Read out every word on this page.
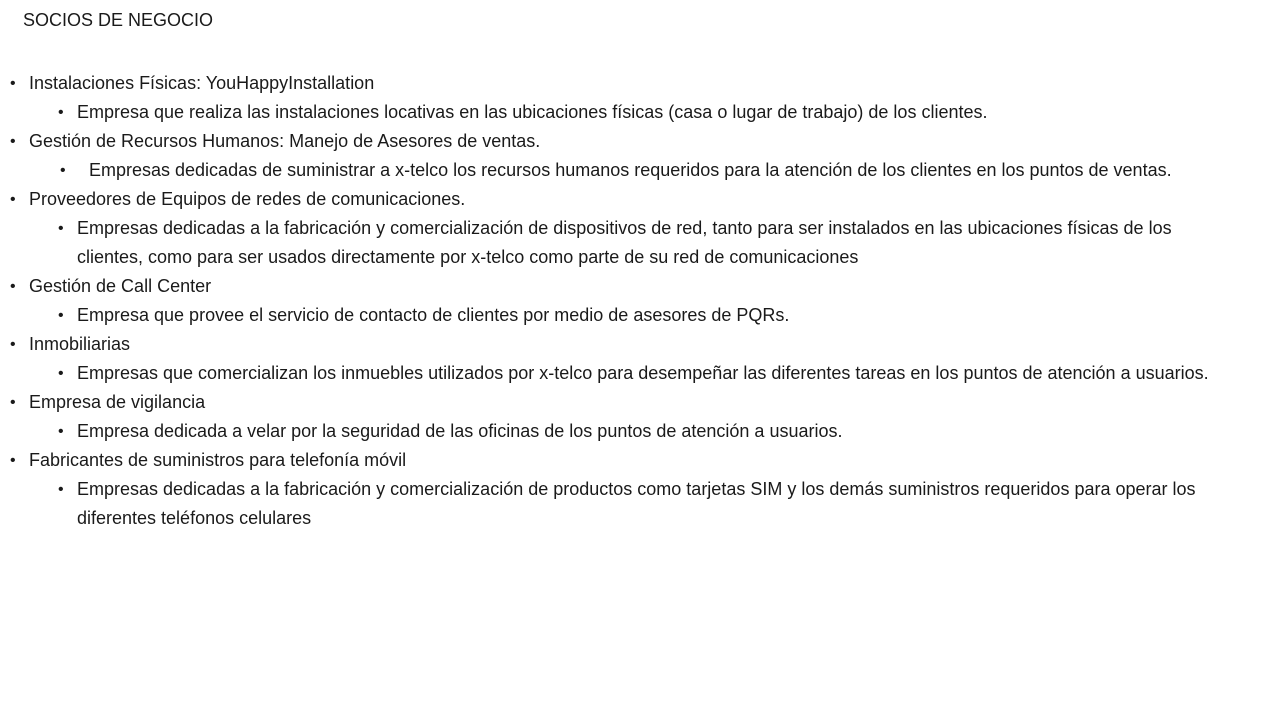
SOCIOS DE NEGOCIO
• Instalaciones Físicas: YouHappyInstallation
• Empresa que realiza las instalaciones locativas en las ubicaciones físicas (casa o lugar de trabajo) de los clientes.
• Gestión de Recursos Humanos: Manejo de Asesores de ventas.
• Empresas dedicadas de suministrar a x-telco los recursos humanos requeridos para la atención de los clientes en los puntos de ventas.
• Proveedores de Equipos de redes de comunicaciones.
• Empresas dedicadas a la fabricación y comercialización de dispositivos de red, tanto para ser instalados en las ubicaciones físicas de los clientes, como para ser usados directamente por x-telco como parte de su red de comunicaciones
• Gestión de Call Center
• Empresa que provee el servicio de contacto de clientes por medio de asesores de PQRs.
• Inmobiliarias
• Empresas que comercializan los inmuebles utilizados por x-telco para desempeñar las diferentes tareas en los puntos de atención a usuarios.
• Empresa de vigilancia
• Empresa dedicada a velar por la seguridad de las oficinas de los puntos de atención a usuarios.
• Fabricantes de suministros para telefonía móvil
• Empresas dedicadas a la fabricación y comercialización de productos como tarjetas SIM y los demás suministros requeridos para operar los diferentes teléfonos celulares
